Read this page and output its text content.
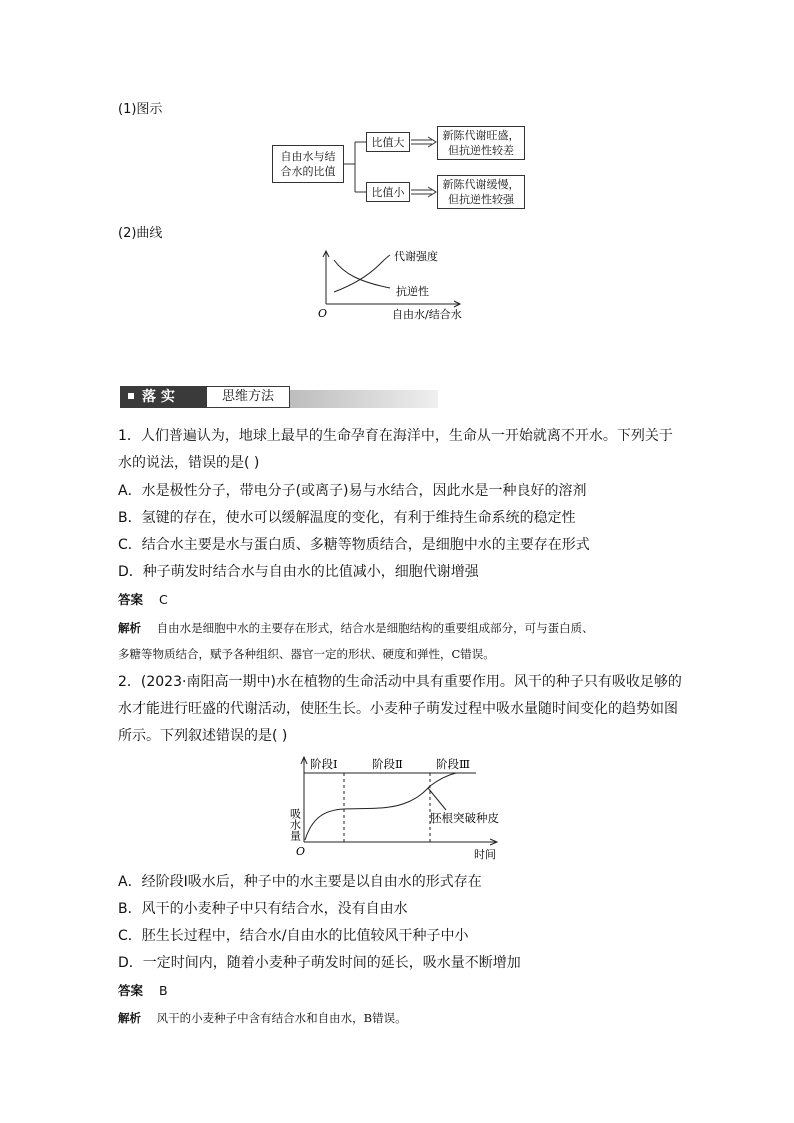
(1)图示
自由水与结
合水的比值
比值大
比值小
新陈代谢旺盛，
但抗逆性较差
新陈代谢缓慢，
但抗逆性较强
(2)曲线
代谢强度
抗逆性
O	自由水/结合水
落 实	思维方法
1．人们普遍认为，地球上最早的生命孕育在海洋中，生命从一开始就离不开水。下列关于
水的说法，错误的是( )
A．水是极性分子，带电分子(或离子)易与水结合，因此水是一种良好的溶剂
B．氢键的存在，使水可以缓解温度的变化，有利于维持生命系统的稳定性
C．结合水主要是水与蛋白质、多糖等物质结合，是细胞中水的主要存在形式
D．种子萌发时结合水与自由水的比值减小，细胞代谢增强
答案 C
解析 自由水是细胞中水的主要存在形式，结合水是细胞结构的重要组成部分，可与蛋白质、
多糖等物质结合，赋予各种组织、器官一定的形状、硬度和弹性，C错误。
2．(2023·南阳高一期中)水在植物的生命活动中具有重要作用。风干的种子只有吸收足够的
水才能进行旺盛的代谢活动，使胚生长。小麦种子萌发过程中吸水量随时间变化的趋势如图
所示。下列叙述错误的是( )
吸水量
阶段Ⅰ	阶段Ⅱ	阶段Ⅲ
胚根突破种皮
O	时间
A．经阶段Ⅰ吸水后，种子中的水主要是以自由水的形式存在
B．风干的小麦种子中只有结合水，没有自由水
C．胚生长过程中，结合水/自由水的比值较风干种子中小
D．一定时间内，随着小麦种子萌发时间的延长，吸水量不断增加
答案 B
解析 风干的小麦种子中含有结合水和自由水，B错误。
